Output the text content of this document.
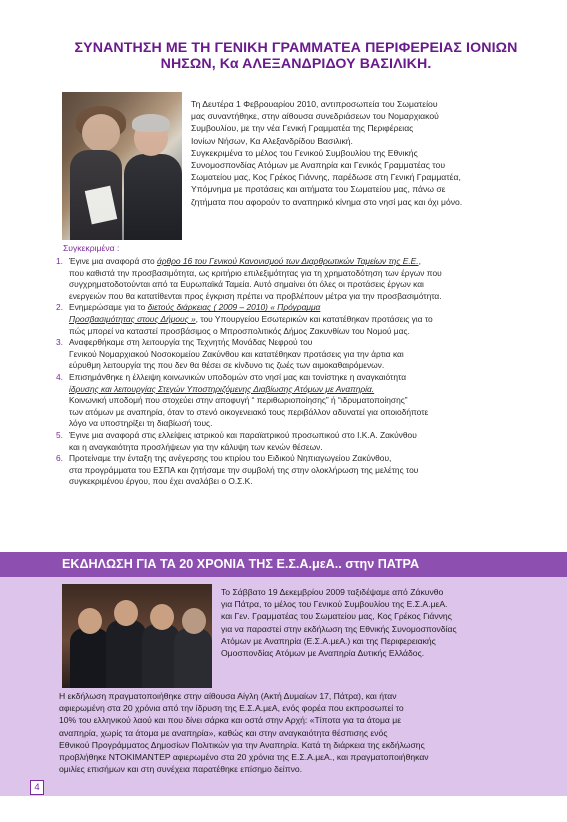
ΣΥΝΑΝΤΗΣΗ ΜΕ ΤΗ ΓΕΝΙΚΗ ΓΡΑΜΜΑΤΕΑ ΠΕΡΙΦΕΡΕΙΑΣ ΙΟΝΙΩΝ
ΝΗΣΩΝ, Κα ΑΛΕΞΑΝΔΡΙΔΟΥ ΒΑΣΙΛΙΚΗ.

Τη Δευτέρα 1 Φεβρουαρίου 2010, αντιπροσωπεία του Σωματείου

μας συναντήθηκε, στην αίθουσα συνεδριάσεων του Νομαρχιακού

Συμβουλίου, με την νέα Γενική Γραμματέα της Περιφέρειας

Ιονίων Νήσων, Κα Αλεξανδρίδου Βασιλική.

Συγκεκριμένα το μέλος του Γενικού Συμβουλίου της Εθνικής

Συνομοσπονδίας Ατόμων με Αναπηρία και Γενικός Γραμματέας του

Σωματείου μας, Κος Γρέκος Γιάννης, παρέδωσε στη Γενική Γραμματέα,

Υπόμνημα με προτάσεις και αιτήματα του Σωματείου μας, πάνω σε

ζητήματα που αφορούν το αναπηρικό κίνημα στο νησί μας και όχι μόνο.

Συγκεκριμένα :
1. Έγινε μια αναφορά στο άρθρο 16 του Γενικού Κανονισμού των Διαρθρωτικών Ταμείων της Ε.Ε.,
που καθιστά την προσβασιμότητα, ως κριτήριο επιλεξιμότητας για τη χρηματοδότηση των έργων που
συγχρηματοδοτούνται από τα Ευρωπαϊκά Ταμεία. Αυτό σημαίνει ότι όλες οι προτάσεις έργων και
ενεργειών που θα κατατίθενται προς έγκριση πρέπει να προβλέπουν μέτρα για την προσβασιμότητα.
2. Ενημερώσαμε για το διετούς διάρκειας ( 2009 – 2010) « Πρόγραμμα
Προσβασιμότητας στους Δήμους », του Υπουργείου Εσωτερικών και κατατέθηκαν προτάσεις για το
πώς μπορεί να καταστεί προσβάσιμος ο Μπροσπολιτικός Δήμος Ζακυνθίων του Νομού μας.
3. Αναφερθήκαμε στη λειτουργία της Τεχνητής Μονάδας Νεφρού του
Γενικού Νομαρχιακού Νοσοκομείου Ζακύνθου και κατατέθηκαν προτάσεις για την άρτια και
εύρυθμη λειτουργία της που δεν θα θέσει σε κίνδυνο τις ζωές των αιμοκαθαιρόμενων.
4. Επισημάνθηκε η έλλειψη κοινωνικών υποδομών στο νησί μας και τονίστηκε η αναγκαιότητα
ίδρυσης και λειτουργίας Στεγών Υποστηριζόμενης Διαβίωσης Ατόμων με Αναπηρία.
Κοινωνική υποδομή που στοχεύει στην αποφυγή “ περιθωριοποίησης” ή “ιδρυματοποίησης”
των ατόμων με αναπηρία, όταν το στενό οικογενειακό τους περιβάλλον αδυνατεί για οποιοδήποτε
λόγο να υποστηρίξει τη διαβίωσή τους.
5. Έγινε μια αναφορά στις ελλείψεις ιατρικού και παραϊατρικού προσωπικού στο Ι.Κ.Α. Ζακύνθου
και η αναγκαιότητα προσλήψεων για την κάλυψη των κενών θέσεων.
6. Προτείναμε την ένταξη της ανέγερσης του κτιρίου του Ειδικού Νηπιαγωγείου Ζακύνθου,
στα προγράμματα του ΕΣΠΑ και ζητήσαμε την συμβολή της στην ολοκλήρωση της μελέτης του
συγκεκριμένου έργου, που έχει αναλάβει ο Ο.Σ.Κ.
ΕΚΔΗΛΩΣΗ ΓΙΑ ΤΑ 20 ΧΡΟΝΙΑ ΤΗΣ Ε.Σ.Α.μεΑ.. στην ΠΑΤΡΑ

Το Σάββατο 19 Δεκεμβρίου 2009 ταξιδέψαμε από Ζάκυνθο

για Πάτρα, το μέλος του Γενικού Συμβουλίου της Ε.Σ.Α.μεΑ.

και Γεν. Γραμματέας του Σωματείου μας, Κος Γρέκος Γιάννης

για να παραστεί στην εκδήλωση της Εθνικής Συνομοσπονδίας

Ατόμων με Αναπηρία (Ε.Σ.Α.μεΑ.) και της Περιφερειακής

Ομοσπονδίας Ατόμων με Αναπηρία Δυτικής Ελλάδος.

Η εκδήλωση πραγματοποιήθηκε στην αίθουσα Αίγλη (Ακτή Δυμαίων 17, Πάτρα), και ήταν

αφιερωμένη στα 20 χρόνια από την ίδρυση της Ε.Σ.Α.μεΑ, ενός φορέα που εκπροσωπεί το

10% του ελληνικού λαού και που δίνει σάρκα και οστά στην Αρχή: «Τίποτα για τα άτομα με

αναπηρία, χωρίς τα άτομα με αναπηρία», καθώς και στην αναγκαιότητα θέσπισης ενός

Εθνικού Προγράμματος Δημοσίων Πολιτικών για την Αναπηρία. Κατά τη διάρκεια της εκδήλωσης

προβλήθηκε ΝΤΟΚΙΜΑΝΤΕΡ αφιερωμένο στα 20 χρόνια της Ε.Σ.Α.μεΑ., και πραγματοποιήθηκαν

ομιλίες επισήμων και στη συνέχεια παρατέθηκε επίσημο δείπνο.

4
